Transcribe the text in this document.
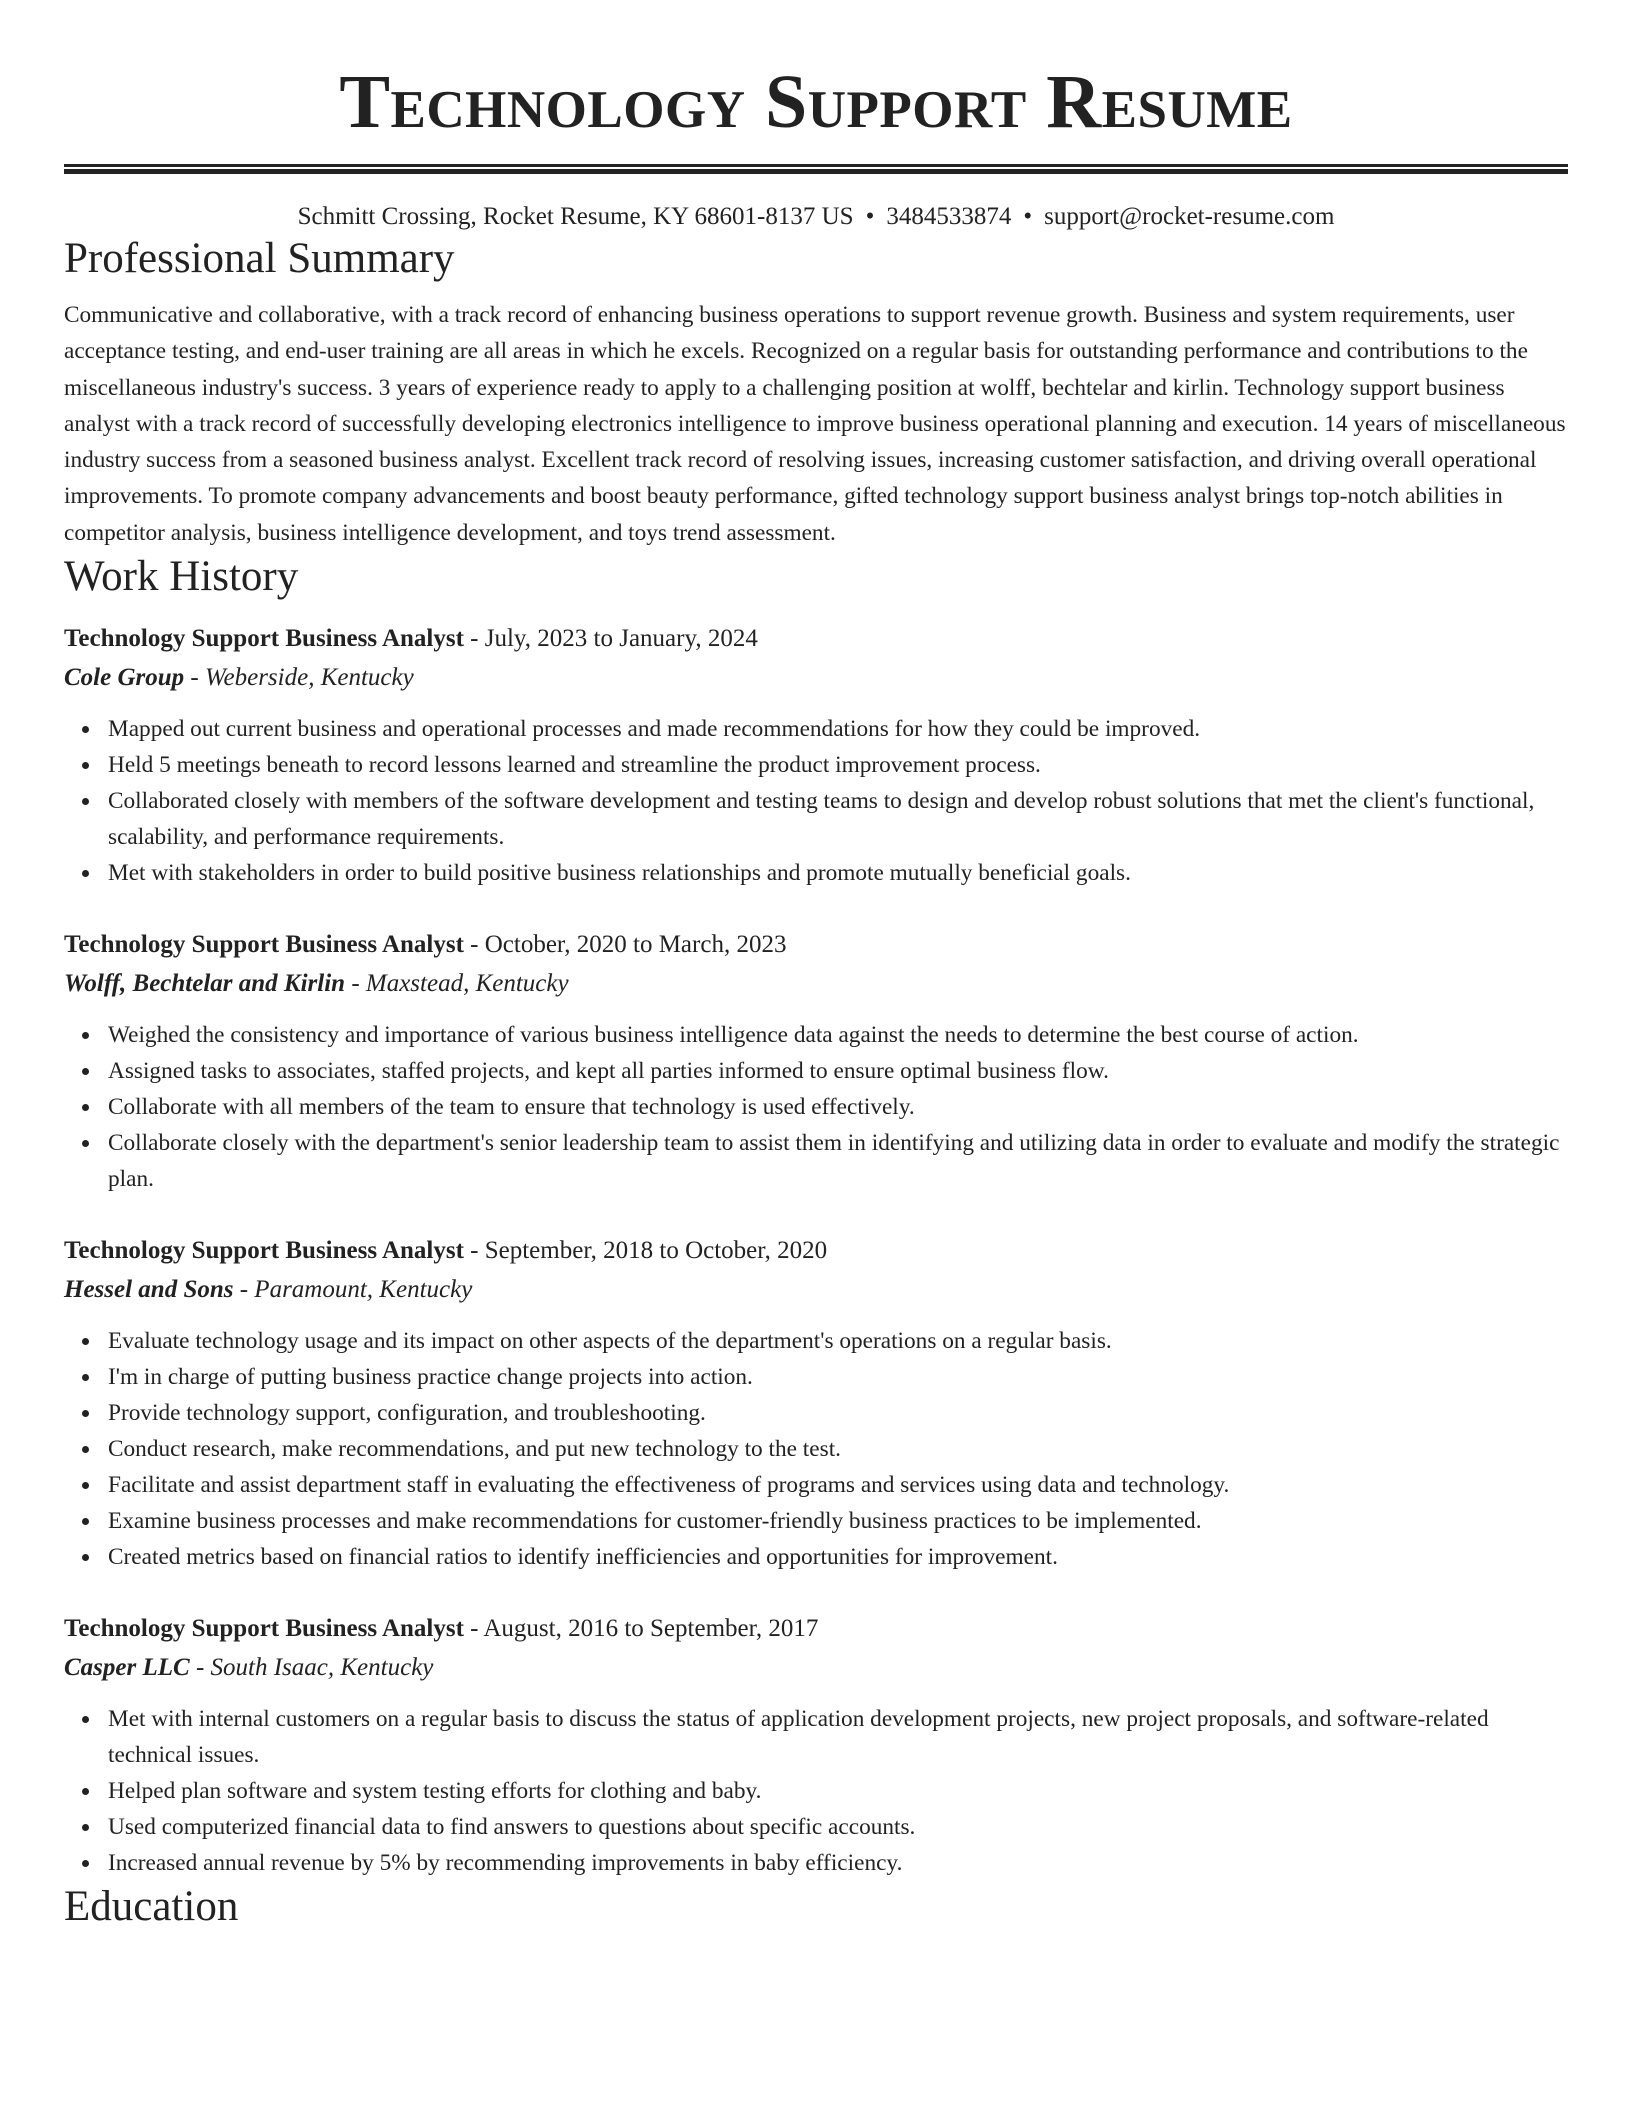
Technology Support Resume
Schmitt Crossing, Rocket Resume, KY 68601-8137 US • 3484533874 • support@rocket-resume.com
Professional Summary

Communicative and collaborative, with a track record of enhancing business operations to support revenue growth. Business and system requirements, user acceptance testing, and end-user training are all areas in which he excels. Recognized on a regular basis for outstanding performance and contributions to the miscellaneous industry's success. 3 years of experience ready to apply to a challenging position at wolff, bechtelar and kirlin. Technology support business analyst with a track record of successfully developing electronics intelligence to improve business operational planning and execution. 14 years of miscellaneous industry success from a seasoned business analyst. Excellent track record of resolving issues, increasing customer satisfaction, and driving overall operational improvements. To promote company advancements and boost beauty performance, gifted technology support business analyst brings top-notch abilities in competitor analysis, business intelligence development, and toys trend assessment.

Work History
Technology Support Business Analyst - July, 2023 to January, 2024
Cole Group - Weberside, Kentucky
Mapped out current business and operational processes and made recommendations for how they could be improved.
Held 5 meetings beneath to record lessons learned and streamline the product improvement process.
Collaborated closely with members of the software development and testing teams to design and develop robust solutions that met the client's functional, scalability, and performance requirements.
Met with stakeholders in order to build positive business relationships and promote mutually beneficial goals.
Technology Support Business Analyst - October, 2020 to March, 2023
Wolff, Bechtelar and Kirlin - Maxstead, Kentucky
Weighed the consistency and importance of various business intelligence data against the needs to determine the best course of action.
Assigned tasks to associates, staffed projects, and kept all parties informed to ensure optimal business flow.
Collaborate with all members of the team to ensure that technology is used effectively.
Collaborate closely with the department's senior leadership team to assist them in identifying and utilizing data in order to evaluate and modify the strategic plan.
Technology Support Business Analyst - September, 2018 to October, 2020
Hessel and Sons - Paramount, Kentucky
Evaluate technology usage and its impact on other aspects of the department's operations on a regular basis.
I'm in charge of putting business practice change projects into action.
Provide technology support, configuration, and troubleshooting.
Conduct research, make recommendations, and put new technology to the test.
Facilitate and assist department staff in evaluating the effectiveness of programs and services using data and technology.
Examine business processes and make recommendations for customer-friendly business practices to be implemented.
Created metrics based on financial ratios to identify inefficiencies and opportunities for improvement.
Technology Support Business Analyst - August, 2016 to September, 2017
Casper LLC - South Isaac, Kentucky
Met with internal customers on a regular basis to discuss the status of application development projects, new project proposals, and software-related technical issues.
Helped plan software and system testing efforts for clothing and baby.
Used computerized financial data to find answers to questions about specific accounts.
Increased annual revenue by 5% by recommending improvements in baby efficiency.
Education
